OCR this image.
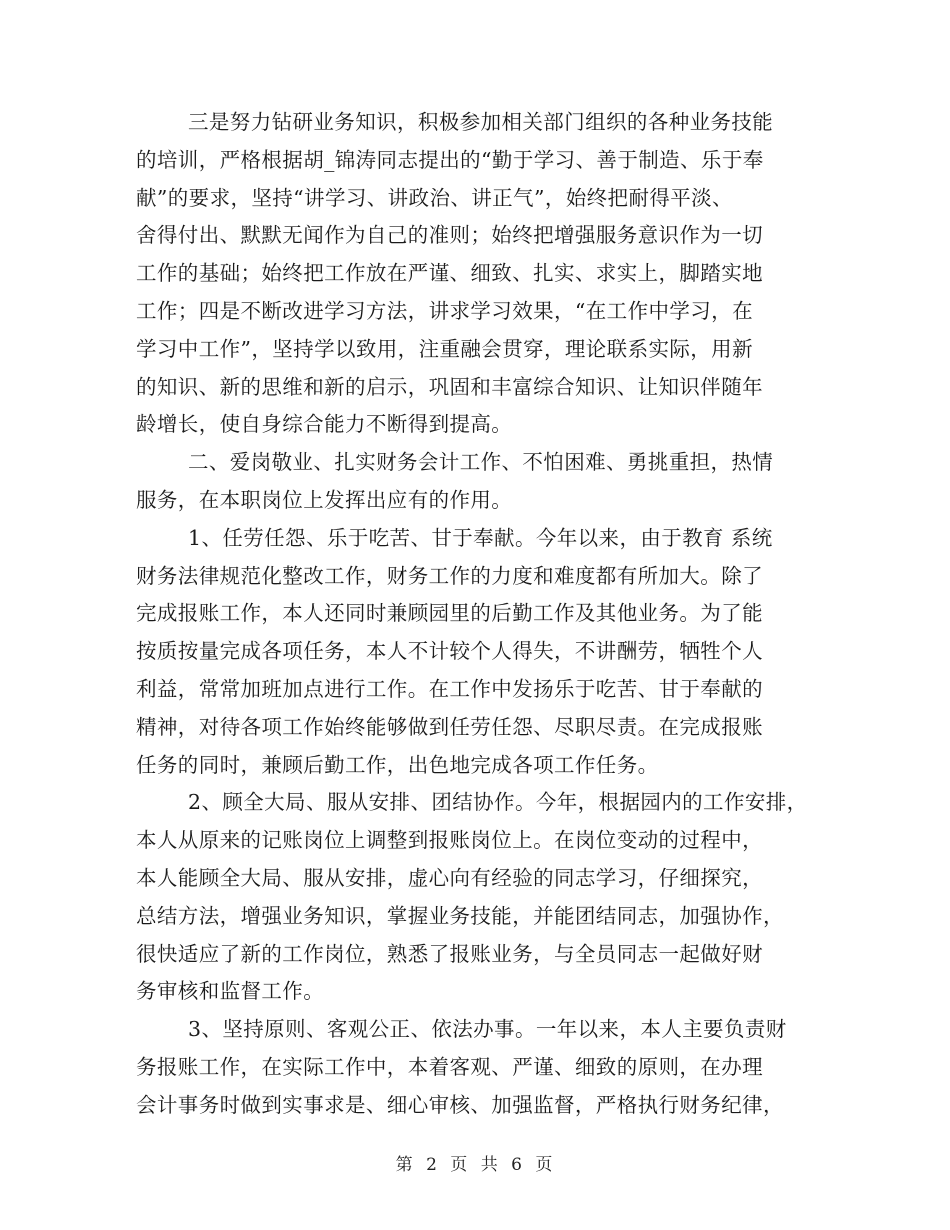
三是努力钻研业务知识，积极参加相关部门组织的各种业务技能
的培训，严格根据胡_锦涛同志提出的“勤于学习、善于制造、乐于奉
献”的要求，坚持“讲学习、讲政治、讲正气”，始终把耐得平淡、
舍得付出、默默无闻作为自己的准则；始终把增强服务意识作为一切
工作的基础；始终把工作放在严谨、细致、扎实、求实上，脚踏实地
工作；四是不断改进学习方法，讲求学习效果，“在工作中学习，在
学习中工作”，坚持学以致用，注重融会贯穿，理论联系实际，用新
的知识、新的思维和新的启示，巩固和丰富综合知识、让知识伴随年
龄增长，使自身综合能力不断得到提高。
二、爱岗敬业、扎实财务会计工作、不怕困难、勇挑重担，热情
服务，在本职岗位上发挥出应有的作用。
1、任劳任怨、乐于吃苦、甘于奉献。今年以来，由于教育 系统
财务法律规范化整改工作，财务工作的力度和难度都有所加大。除了
完成报账工作，本人还同时兼顾园里的后勤工作及其他业务。为了能
按质按量完成各项任务，本人不计较个人得失，不讲酬劳，牺牲个人
利益，常常加班加点进行工作。在工作中发扬乐于吃苦、甘于奉献的
精神，对待各项工作始终能够做到任劳任怨、尽职尽责。在完成报账
任务的同时，兼顾后勤工作，出色地完成各项工作任务。
2、顾全大局、服从安排、团结协作。今年，根据园内的工作安排，
本人从原来的记账岗位上调整到报账岗位上。在岗位变动的过程中，
本人能顾全大局、服从安排，虚心向有经验的同志学习，仔细探究，
总结方法，增强业务知识，掌握业务技能，并能团结同志，加强协作，
很快适应了新的工作岗位，熟悉了报账业务，与全员同志一起做好财
务审核和监督工作。
3、坚持原则、客观公正、依法办事。一年以来，本人主要负责财
务报账工作，在实际工作中，本着客观、严谨、细致的原则，在办理
会计事务时做到实事求是、细心审核、加强监督，严格执行财务纪律，
第 2 页 共 6 页
